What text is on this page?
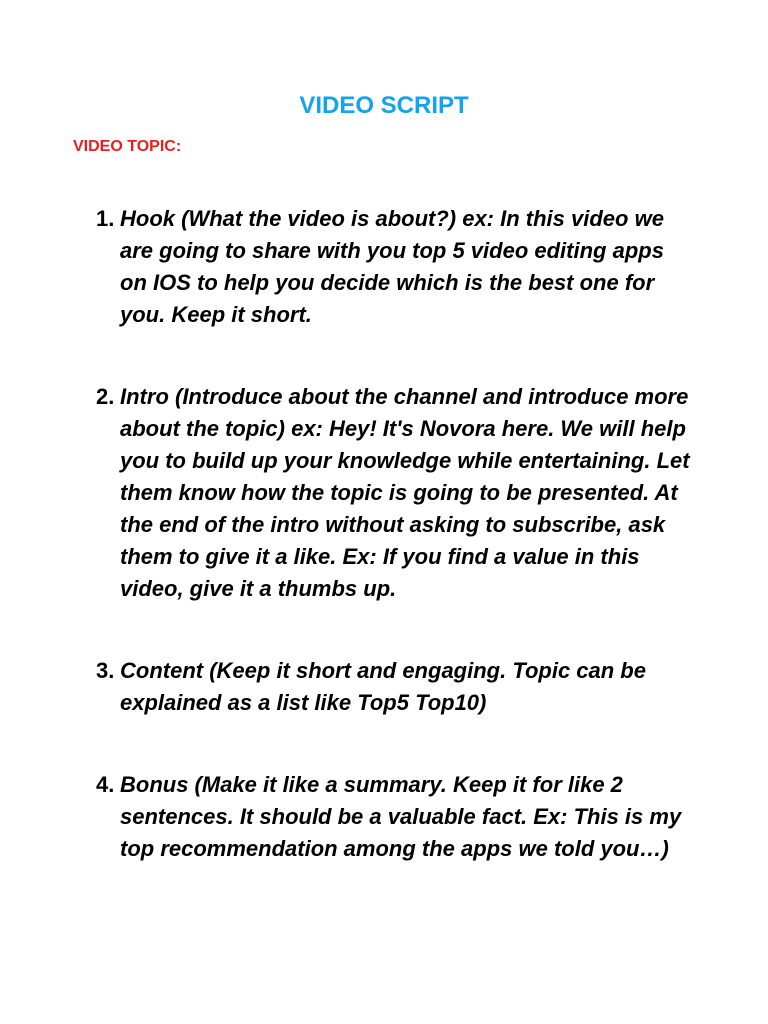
VIDEO SCRIPT

VIDEO TOPIC:

1. Hook (What the video is about?) ex: In this video we are going to share with you top 5 video editing apps on IOS to help you decide which is the best one for you. Keep it short.
2. Intro (Introduce about the channel and introduce more about the topic) ex: Hey! It's Novora here. We will help you to build up your knowledge while entertaining. Let them know how the topic is going to be presented. At the end of the intro without asking to subscribe, ask them to give it a like. Ex: If you find a value in this video, give it a thumbs up.
3. Content (Keep it short and engaging. Topic can be explained as a list like Top5 Top10)
4. Bonus (Make it like a summary. Keep it for like 2 sentences. It should be a valuable fact. Ex: This is my top recommendation among the apps we told you…)
